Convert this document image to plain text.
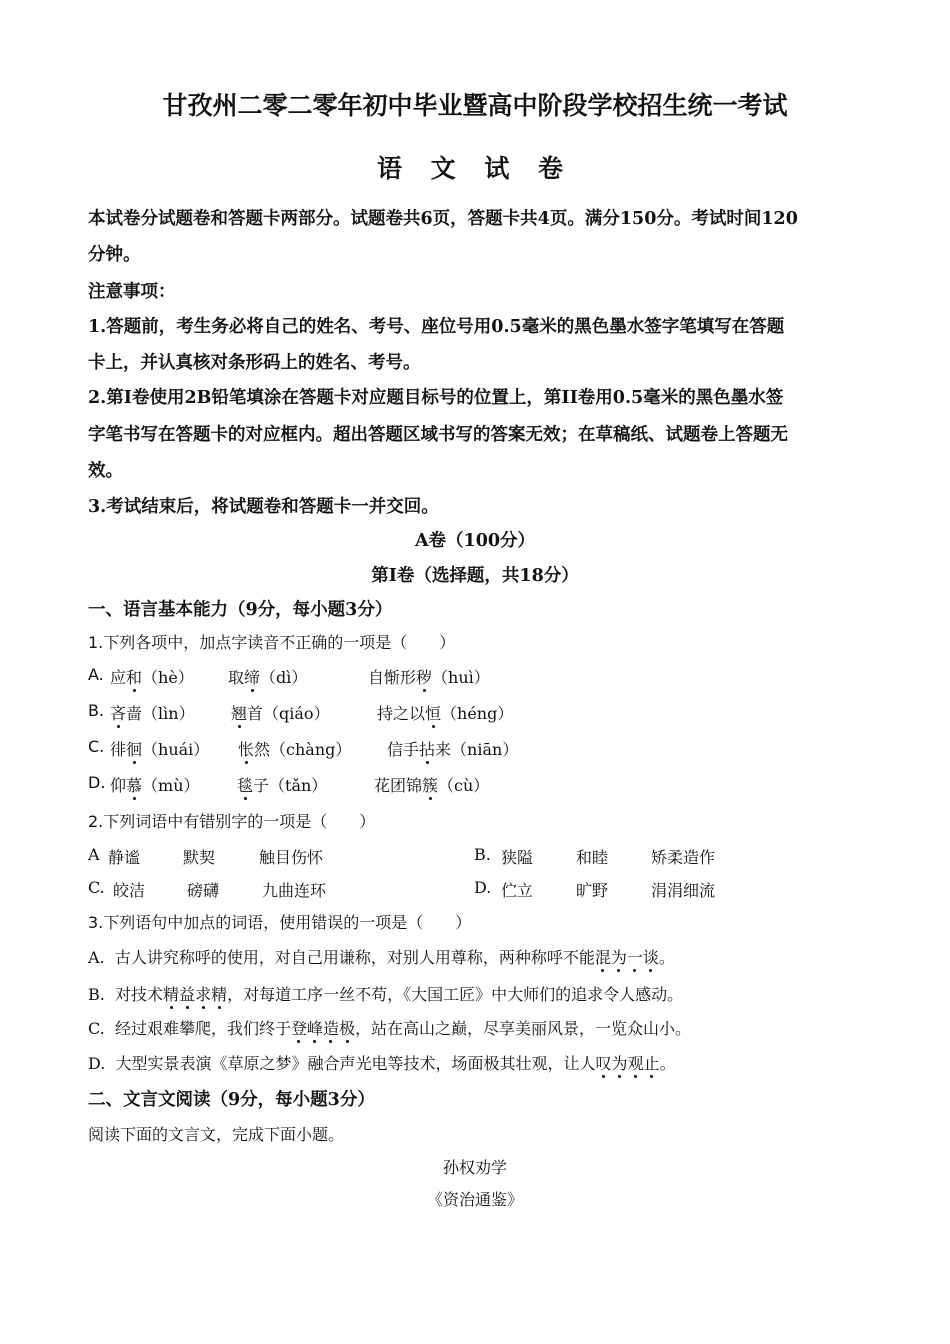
甘孜州二零二零年初中毕业暨高中阶段学校招生统一考试
语 文 试 卷
本试卷分试题卷和答题卡两部分。试题卷共6页，答题卡共4页。满分150分。考试时间120
分钟。
注意事项：
1.答题前，考生务必将自己的姓名、考号、座位号用0.5毫米的黑色墨水签字笔填写在答题
卡上，并认真核对条形码上的姓名、考号。
2.第I卷使用2B铅笔填涂在答题卡对应题目标号的位置上，第II卷用0.5毫米的黑色墨水签
字笔书写在答题卡的对应框内。超出答题区域书写的答案无效；在草稿纸、试题卷上答题无
效。
3.考试结束后，将试题卷和答题卡一并交回。
A卷（100分）
第I卷（选择题，共18分）
一、语言基本能力（9分，每小题3分）
1.下列各项中，加点字读音不正确的一项是（　　）
A. 应和（hè） 取缔（dì）	自惭形秽（huì）
B. 吝啬（lìn） 翘首（qiáo）	持之以恒（héng）
C. 徘徊（huái） 怅然（chàng） 信手拈来（niān）
D. 仰慕（mù） 毯子（tǎn）	花团锦簇（cù）
2.下列词语中有错别字的一项是（　　）
A 静谧	默契	触目伤怀	B. 狭隘	和睦	矫柔造作
C. 皎洁	磅礴	九曲连环	D. 伫立	旷野	涓涓细流
3.下列语句中加点的词语，使用错误的一项是（　　）
A. 古人讲究称呼的使用，对自己用谦称，对别人用尊称，两种称呼不能混为一谈。
B. 对技术精益求精，对每道工序一丝不苟，《大国工匠》中大师们的追求令人感动。
C. 经过艰难攀爬，我们终于登峰造极，站在高山之巅，尽享美丽风景，一览众山小。
D. 大型实景表演《草原之梦》融合声光电等技术，场面极其壮观，让人叹为观止。
二、文言文阅读（9分，每小题3分）
阅读下面的文言文，完成下面小题。
孙权劝学
《资治通鉴》
